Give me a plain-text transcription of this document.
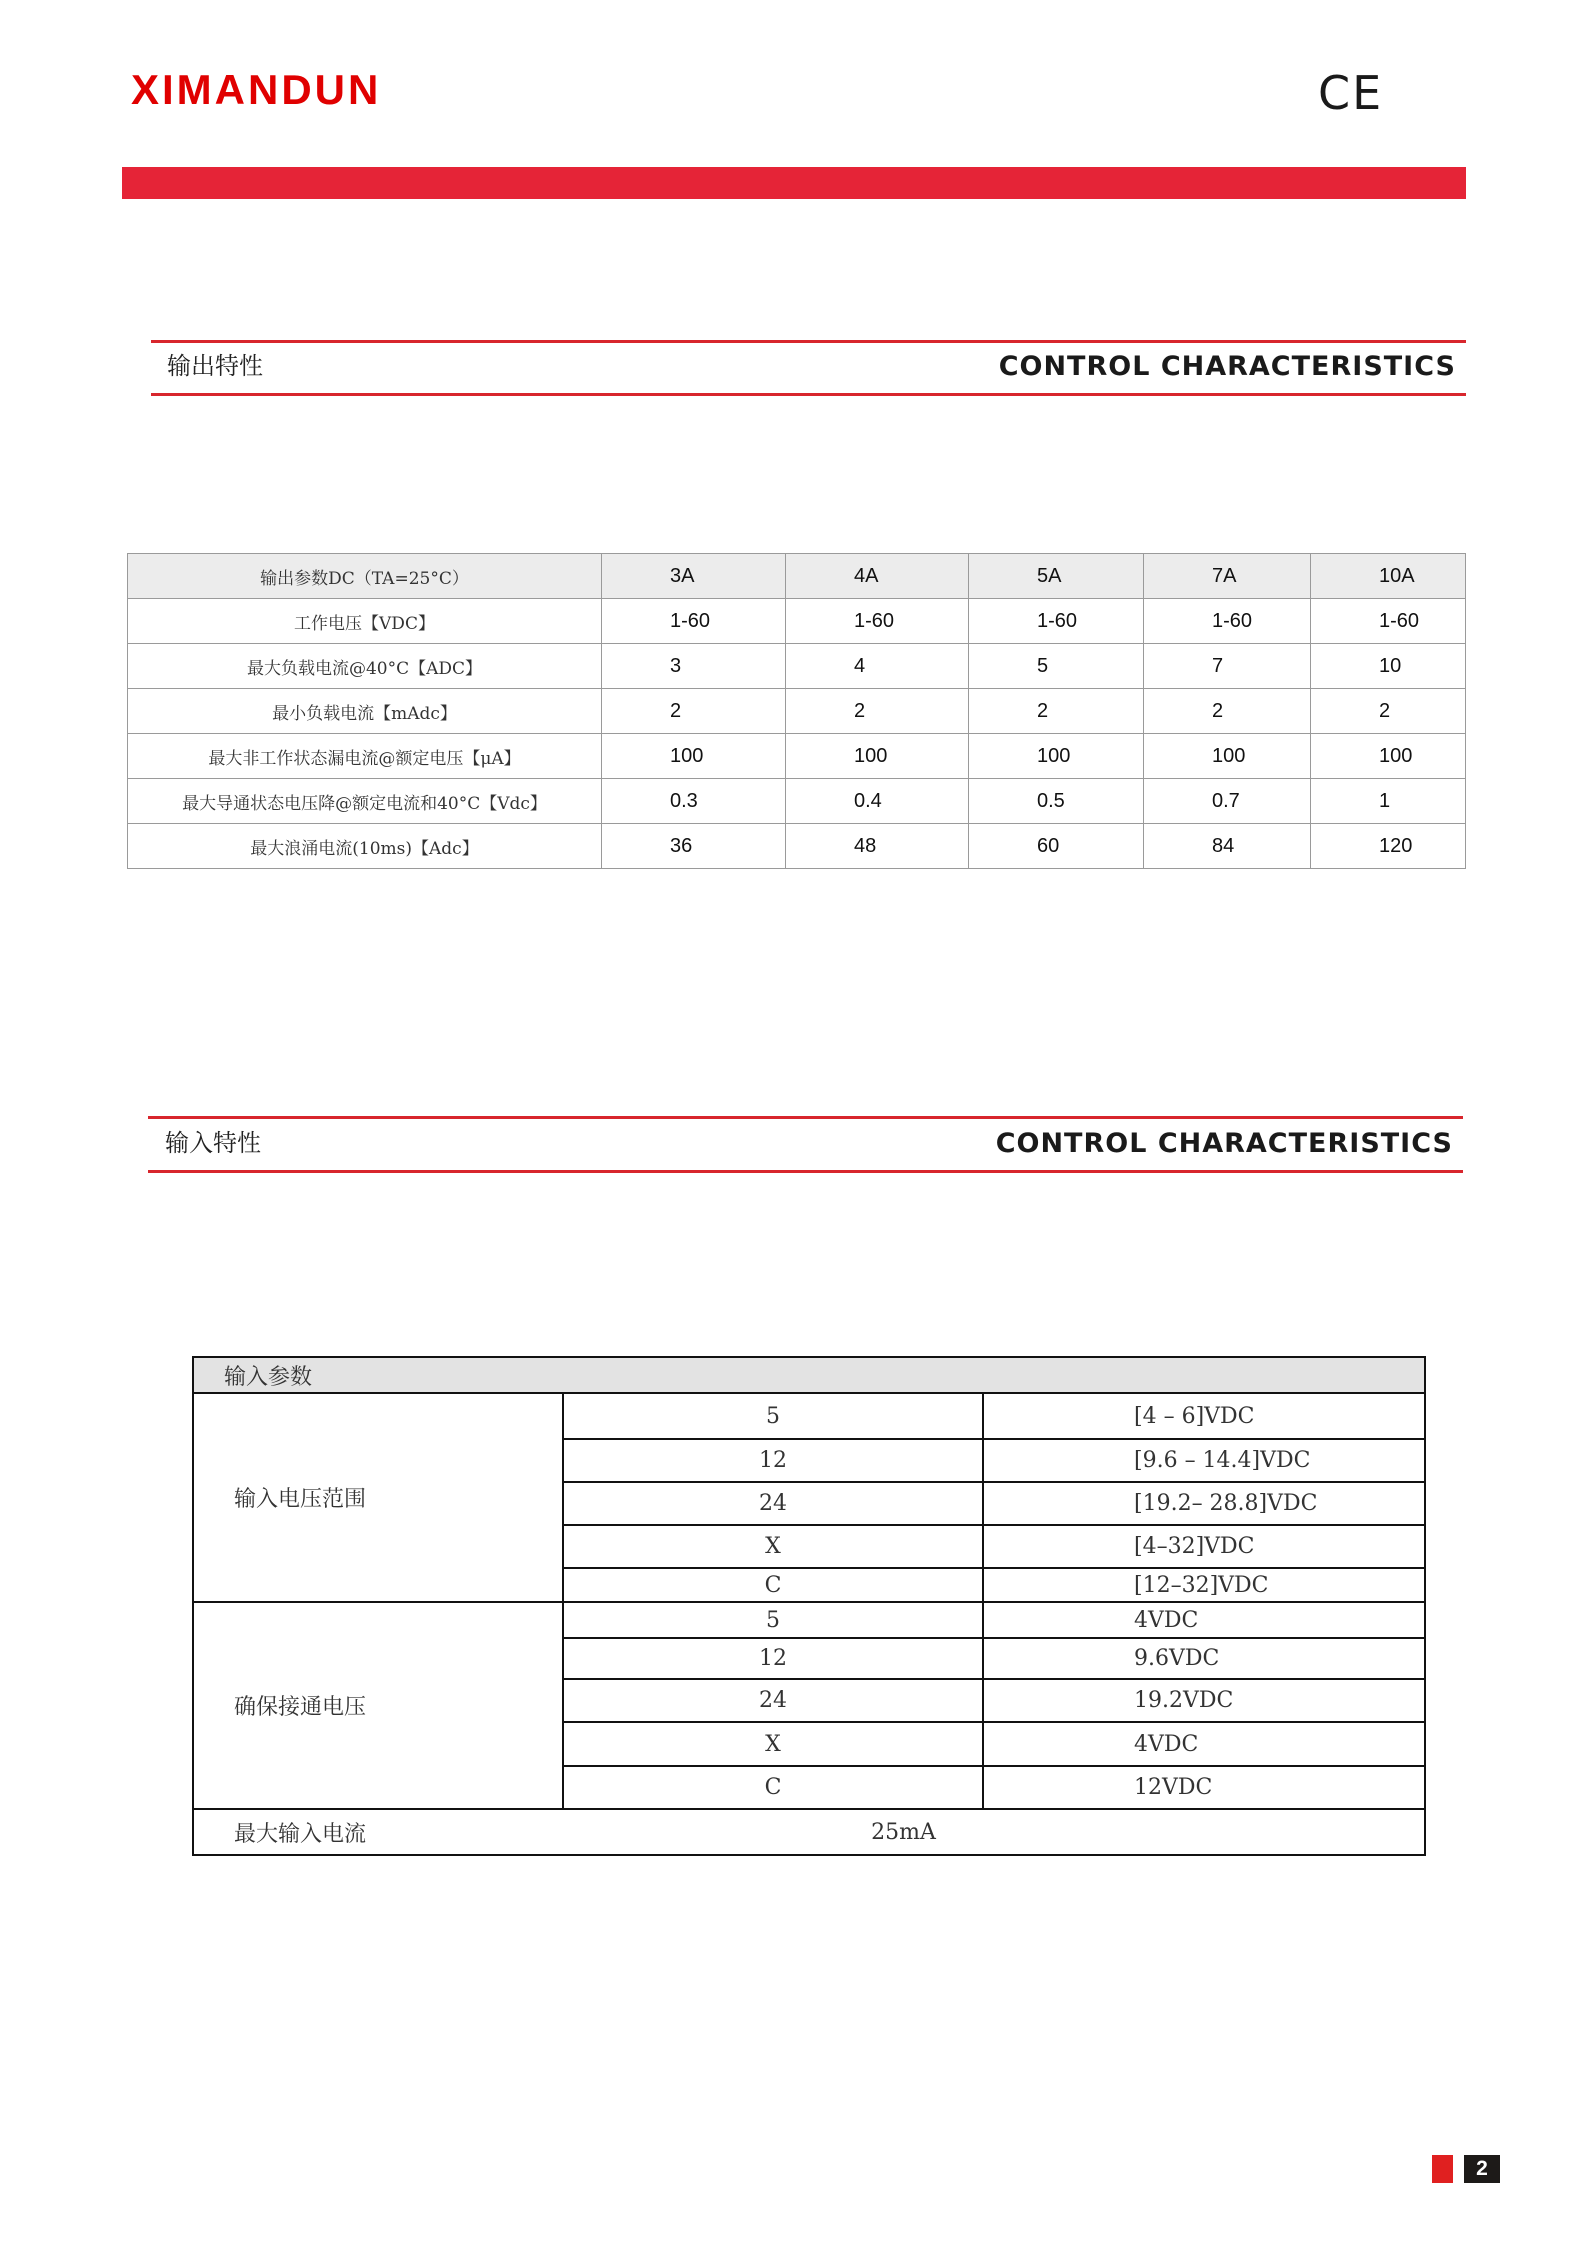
XIMANDUN	CE
输出特性	CONTROL CHARACTERISTICS
输出参数DC（TA=25°C）	3A	4A	5A	7A	10A
工作电压【VDC】	1-60	1-60	1-60	1-60	1-60
最大负载电流@40°C【ADC】	3	4	5	7	10
最小负载电流【mAdc】	2	2	2	2	2
最大非工作状态漏电流@额定电压【μA】	100	100	100	100	100
最大导通状态电压降@额定电流和40°C【Vdc】	0.3	0.4	0.5	0.7	1
最大浪涌电流(10ms)【Adc】	36	48	60	84	120
输入特性	CONTROL CHARACTERISTICS
输入参数		
输入电压范围	5	[4 – 6]VDC
	12	[9.6 – 14.4]VDC
	24	[19.2– 28.8]VDC
	X	[4–32]VDC
	C	[12–32]VDC
确保接通电压	5	4VDC
	12	9.6VDC
	24	19.2VDC
	X	4VDC
	C	12VDC
最大输入电流	25mA	
2
